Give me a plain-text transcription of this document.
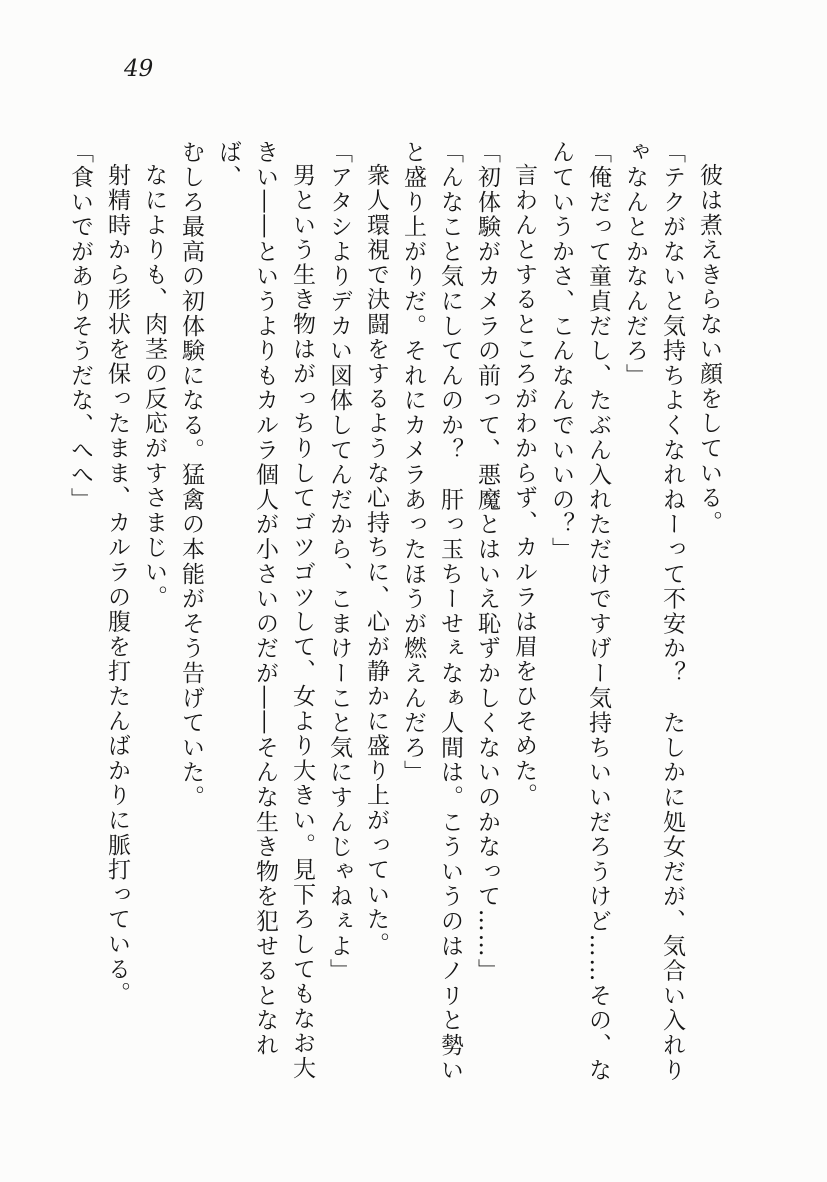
49
彼は煮えきらない顔をしている。
「テクがないと気持ちよくなれねーって不安か？　たしかに処女だが、気合い入れり
ゃなんとかなんだろ」
「俺だって童貞だし、たぶん入れただけですげー気持ちいいだろうけど……その、な
んていうかさ、こんなんでいいの？」
言わんとするところがわからず、カルラは眉をひそめた。
「初体験がカメラの前って、悪魔とはいえ恥ずかしくないのかなって……」
「んなこと気にしてんのか？　肝っ玉ちーせぇなぁ人間は。こういうのはノリと勢い
と盛り上がりだ。それにカメラあったほうが燃えんだろ」
衆人環視で決闘をするような心持ちに、心が静かに盛り上がっていた。
「アタシよりデカい図体してんだから、こまけーこと気にすんじゃねぇよ」
男という生き物はがっちりしてゴツゴツして、女より大きい。見下ろしてもなお大
きい――というよりもカルラ個人が小さいのだが――そんな生き物を犯せるとなれば、
むしろ最高の初体験になる。猛禽の本能がそう告げていた。
なによりも、肉茎の反応がすさまじい。
射精時から形状を保ったまま、カルラの腹を打たんばかりに脈打っている。
「食いでがありそうだな、へへ」
